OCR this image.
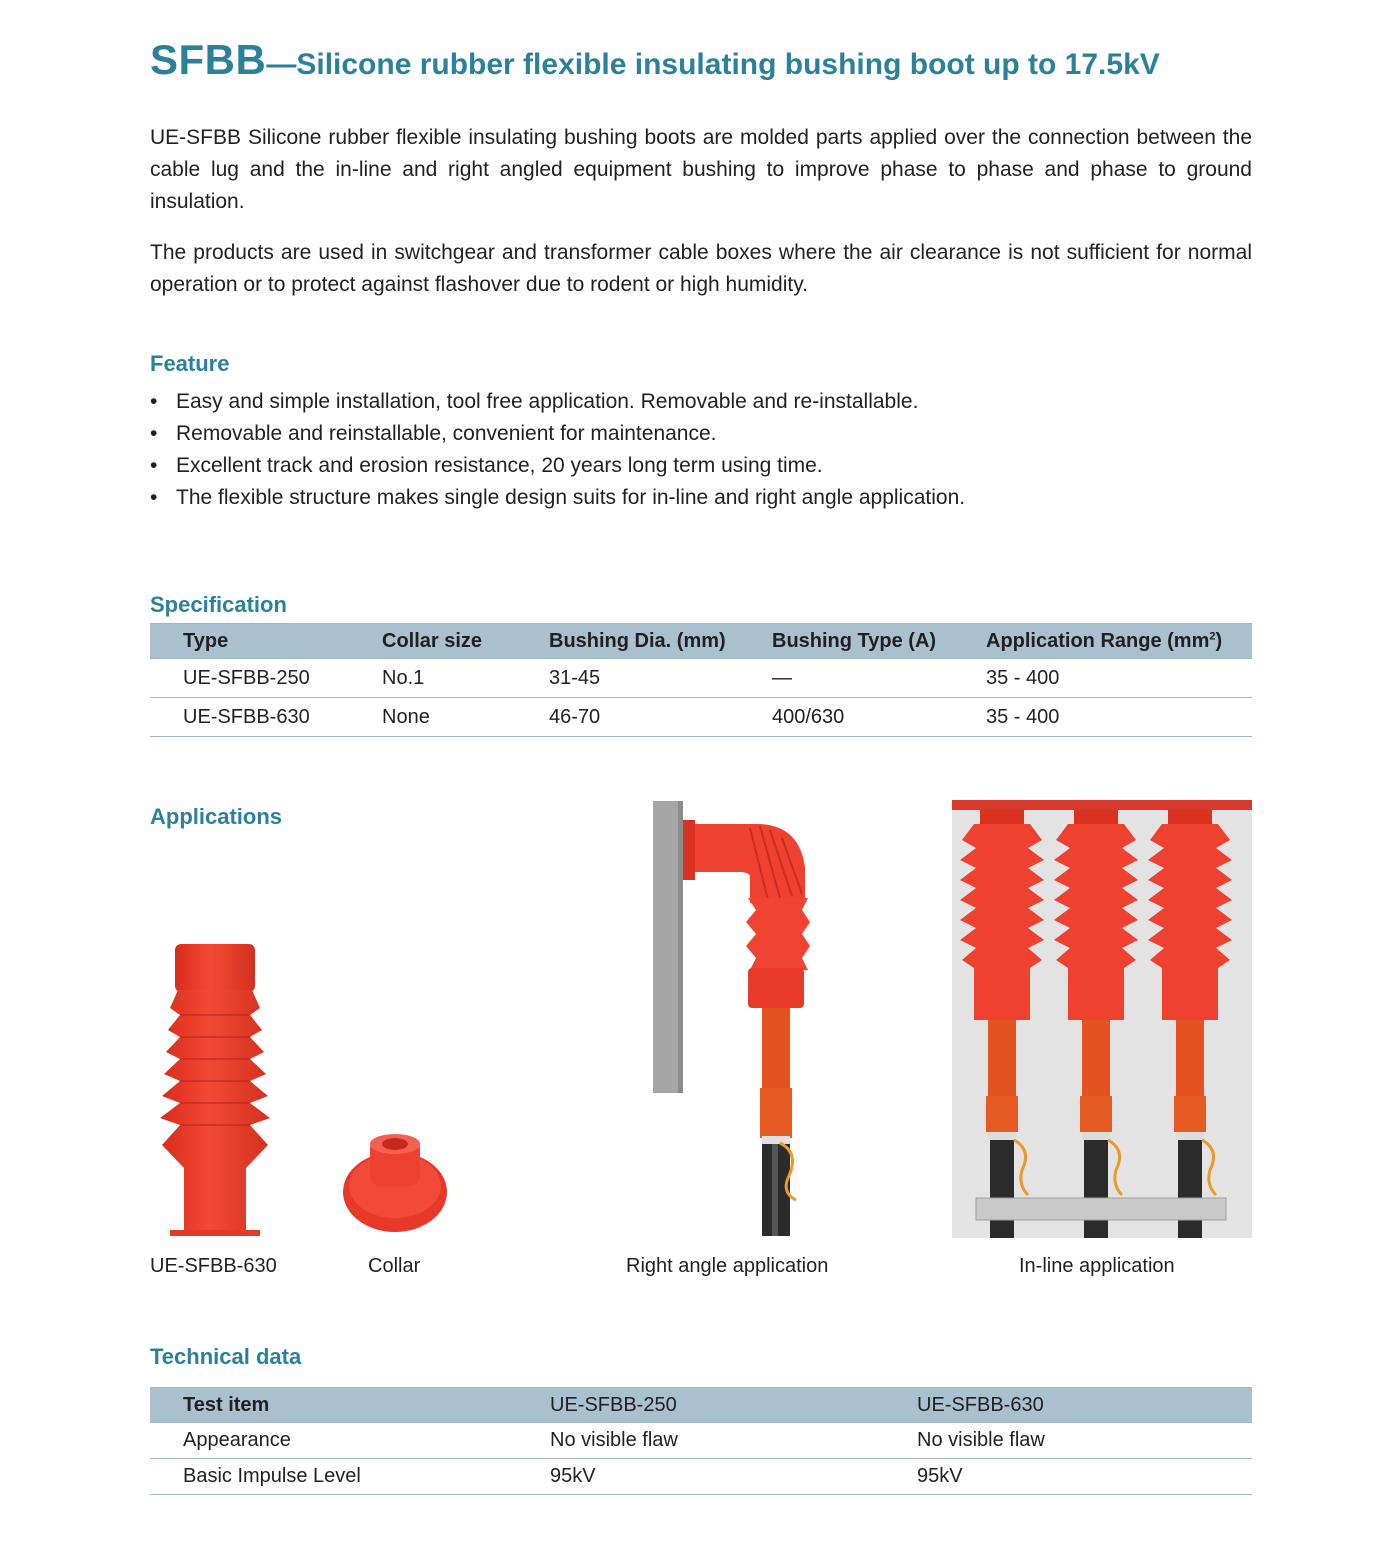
SFBB—Silicone rubber flexible insulating bushing boot up to 17.5kV

UE-SFBB Silicone rubber flexible insulating bushing boots are molded parts applied over the connection between the cable lug and the in-line and right angled equipment bushing to improve phase to phase and phase to ground insulation.

The products are used in switchgear and transformer cable boxes where the air clearance is not sufficient for normal operation or to protect against flashover due to rodent or high humidity.

Feature
• Easy and simple installation, tool free application. Removable and re-installable.
• Removable and reinstallable, convenient for maintenance.
• Excellent track and erosion resistance, 20 years long term using time.
• The flexible structure makes single design suits for in-line and right angle application.
Specification
Type	Collar size	Bushing Dia. (mm)	Bushing Type (A)	Application Range $(mm^2)$
UE-SFBB-250	No.1	31-45	—	35 - 400
UE-SFBB-630	None	46-70	400/630	35 - 400
Applications
UE-SFBB-630	Collar	Right angle application	In-line application
Technical data
Test item	UE-SFBB-250	UE-SFBB-630
Appearance	No visible flaw	No visible flaw
Basic Impulse Level	95kV	95kV
